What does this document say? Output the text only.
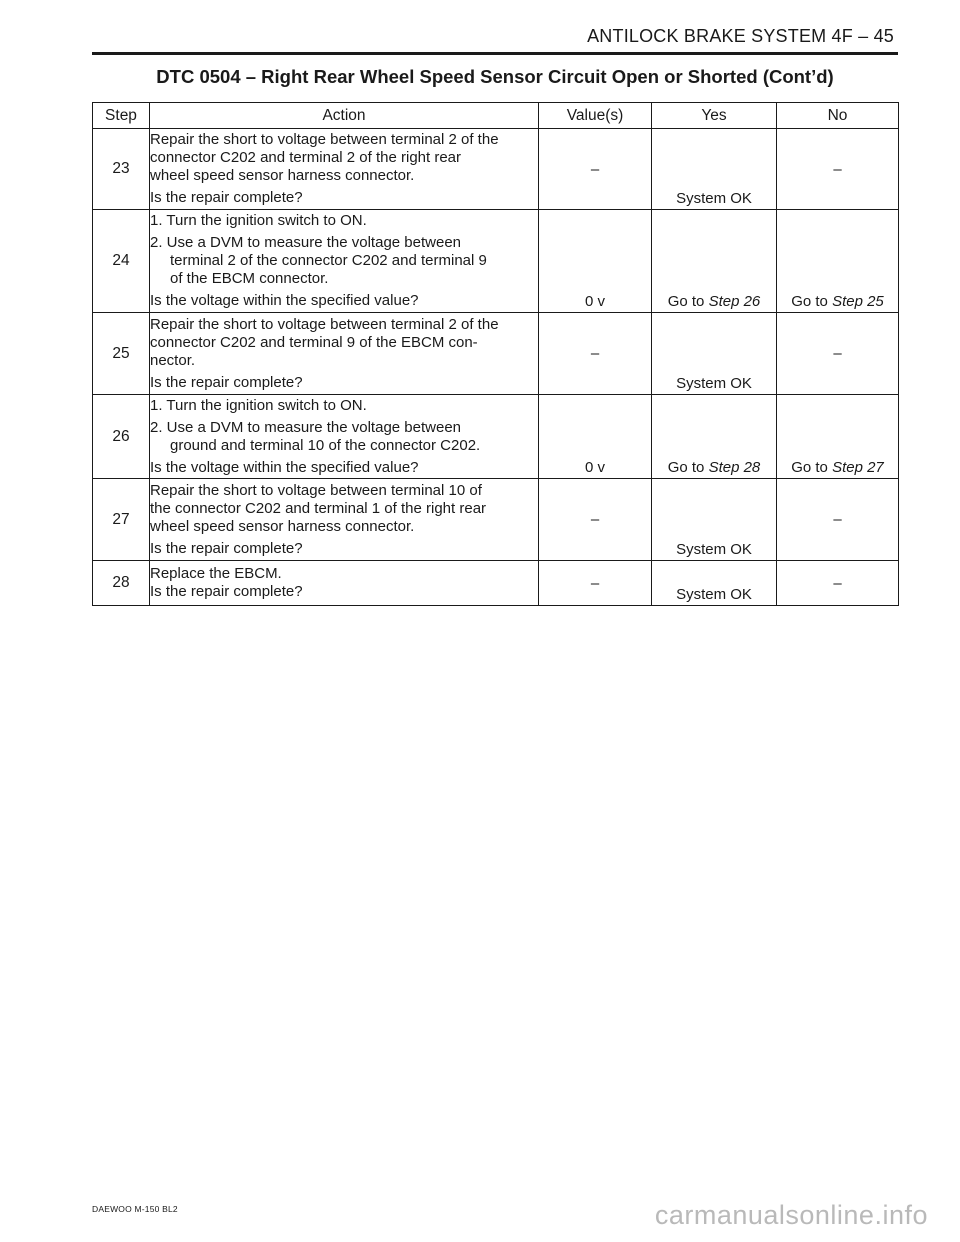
ANTILOCK BRAKE SYSTEM 4F – 45
DTC 0504 – Right Rear Wheel Speed Sensor Circuit Open or Shorted (Cont’d)
Step	Action	Value(s)	Yes	No
23	Repair the short to voltage between terminal 2 of the
connector C202 and terminal 2 of the right rear
wheel speed sensor harness connector.
Is the repair complete?	–	System OK	–
24	1. Turn the ignition switch to ON.
2. Use a DVM to measure the voltage between
terminal 2 of the connector C202 and terminal 9
of the EBCM connector.
Is the voltage within the specified value?	0 v	Go to Step 26	Go to Step 25
25	Repair the short to voltage between terminal 2 of the
connector C202 and terminal 9 of the EBCM con-
nector.
Is the repair complete?	–	System OK	–
26	1. Turn the ignition switch to ON.
2. Use a DVM to measure the voltage between
ground and terminal 10 of the connector C202.
Is the voltage within the specified value?	0 v	Go to Step 28	Go to Step 27
27	Repair the short to voltage between terminal 10 of
the connector C202 and terminal 1 of the right rear
wheel speed sensor harness connector.
Is the repair complete?	–	System OK	–
28	Replace the EBCM.
Is the repair complete?	–	System OK	–
DAEWOO M-150 BL2	carmanualsonline.info
